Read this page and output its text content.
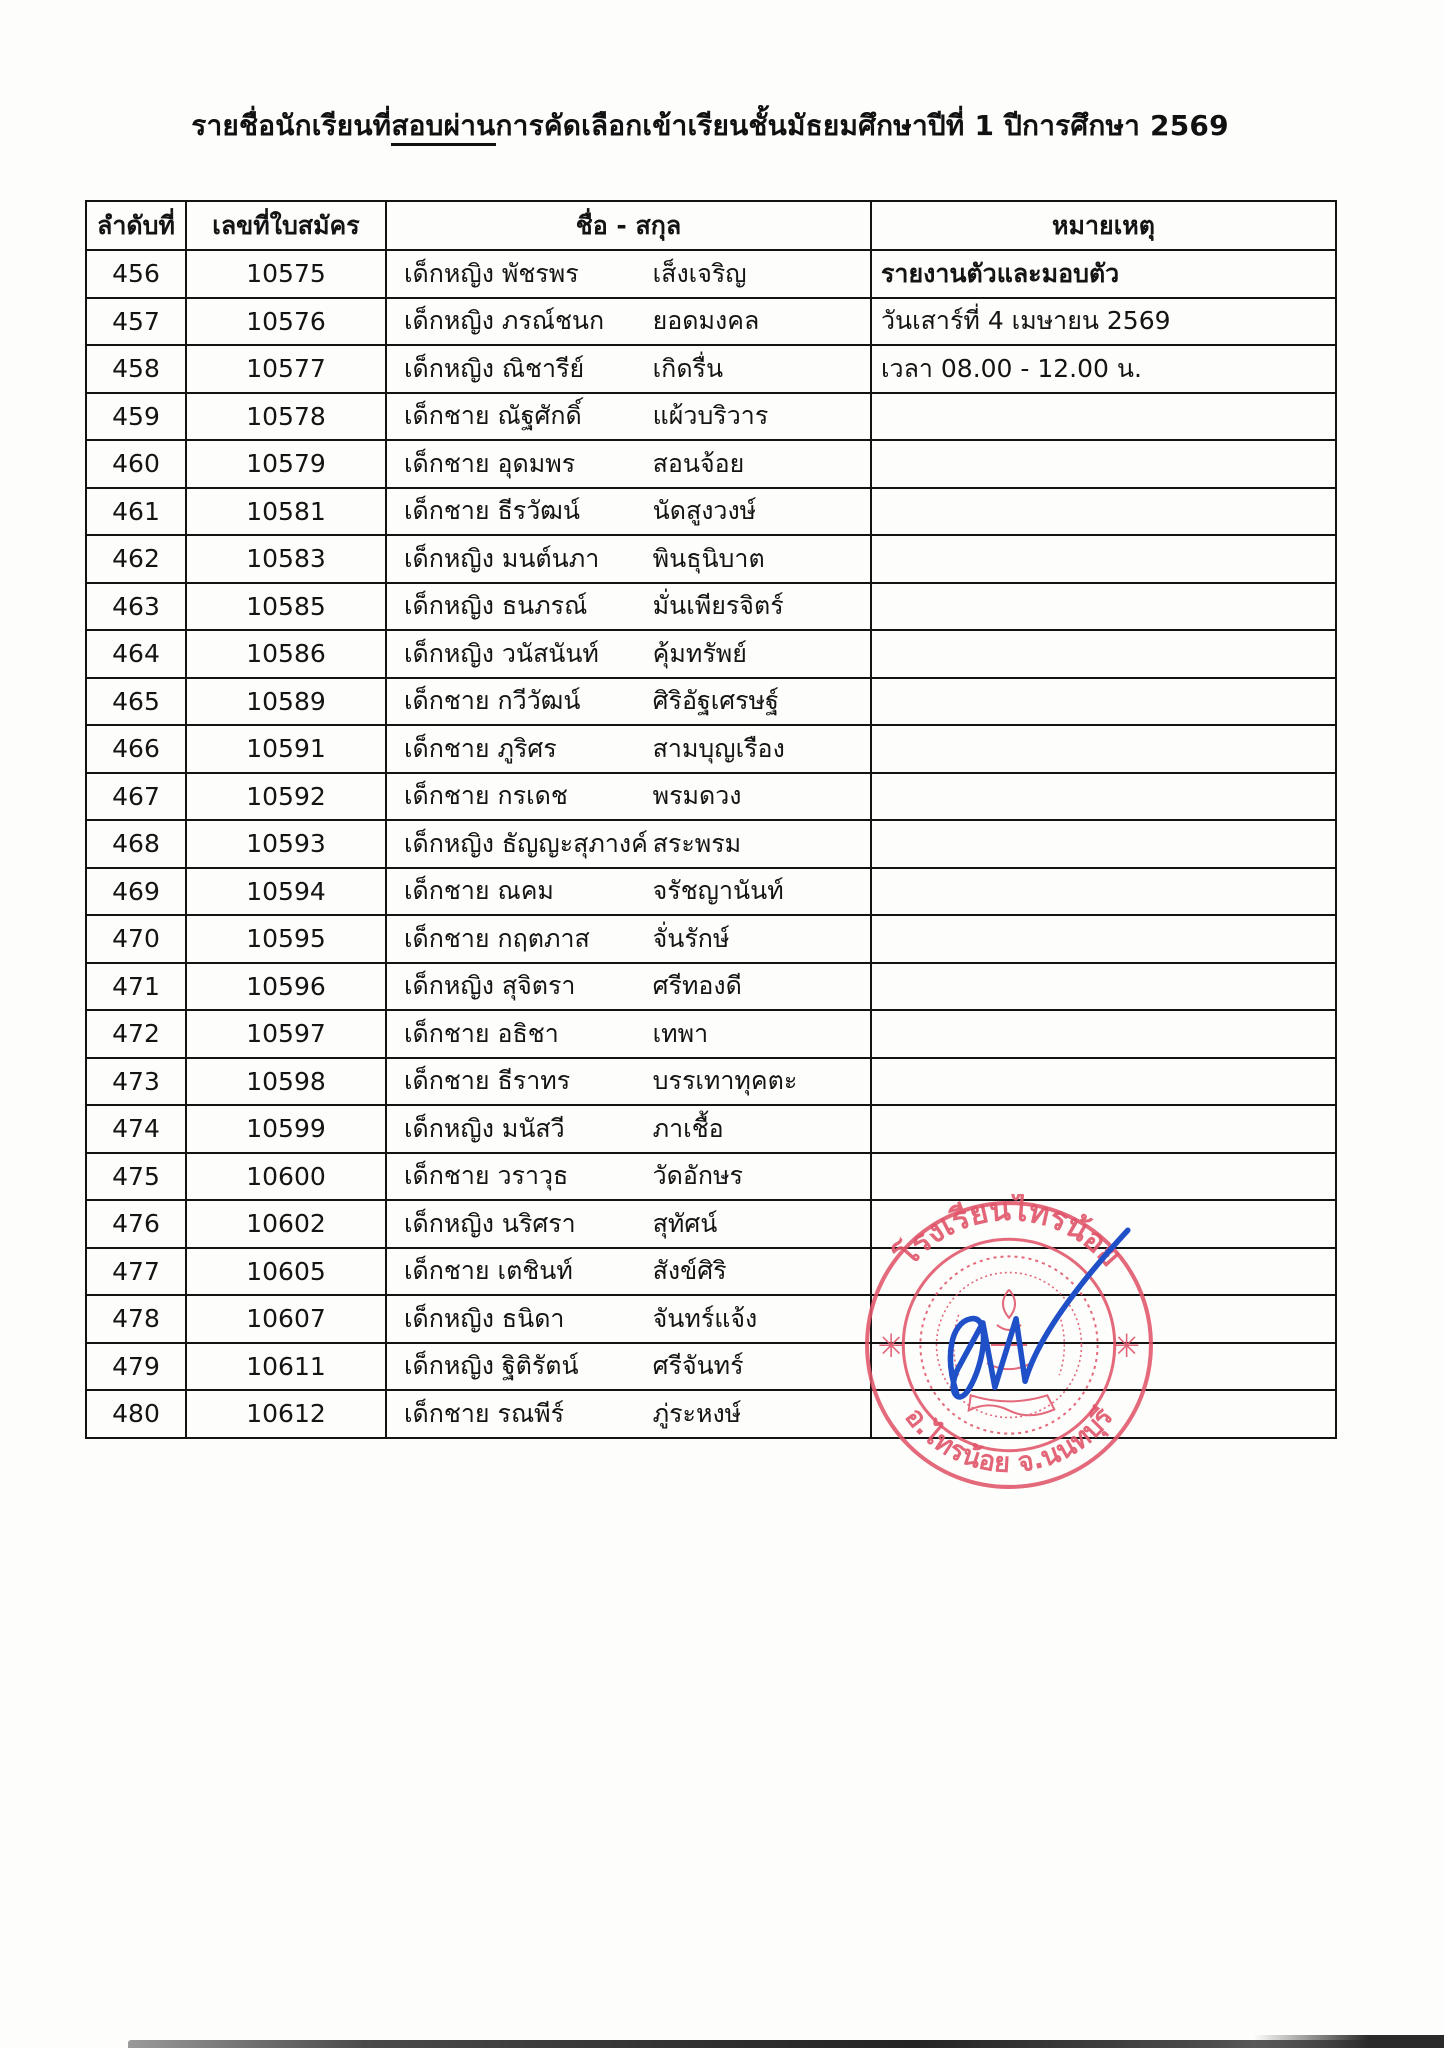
รายชื่อนักเรียนที่สอบผ่านการคัดเลือกเข้าเรียนชั้นมัธยมศึกษาปีที่ 1 ปีการศึกษา 2569
ลำดับที่	เลขที่ใบสมัคร	ชื่อ - สกุล	หมายเหตุ
456	10575	เด็กหญิง พัชรพร เส็งเจริญ	รายงานตัวและมอบตัว
457	10576	เด็กหญิง ภรณ์ชนก ยอดมงคล	วันเสาร์ที่ 4 เมษายน 2569
458	10577	เด็กหญิง ณิชารีย์ เกิดรื่น	เวลา 08.00 - 12.00 น.
459	10578	เด็กชาย ณัฐศักดิ์ แผ้วบริวาร	
460	10579	เด็กชาย อุดมพร สอนจ้อย	
461	10581	เด็กชาย ธีรวัฒน์ นัดสูงวงษ์	
462	10583	เด็กหญิง มนต์นภา พินธุนิบาต	
463	10585	เด็กหญิง ธนภรณ์ มั่นเพียรจิตร์	
464	10586	เด็กหญิง วนัสนันท์ คุ้มทรัพย์	
465	10589	เด็กชาย กวีวัฒน์ ศิริอัฐเศรษฐ์	
466	10591	เด็กชาย ภูริศร สามบุญเรือง	
467	10592	เด็กชาย กรเดช พรมดวง	
468	10593	เด็กหญิง ธัญญะสุภางค์ สระพรม	
469	10594	เด็กชาย ณคม จรัชญานันท์	
470	10595	เด็กชาย กฤตภาส จั่นรักษ์	
471	10596	เด็กหญิง สุจิตรา ศรีทองดี	
472	10597	เด็กชาย อธิชา เทพา	
473	10598	เด็กชาย ธีราทร บรรเทาทุคตะ	
474	10599	เด็กหญิง มนัสวี ภาเชื้อ	
475	10600	เด็กชาย วราวุธ วัดอักษร	
476	10602	เด็กหญิง นริศรา สุทัศน์	
477	10605	เด็กชาย เตชินท์ สังข์ศิริ	
478	10607	เด็กหญิง ธนิดา จันทร์แจ้ง	
479	10611	เด็กหญิง ฐิติรัตน์ ศรีจันทร์	
480	10612	เด็กชาย รณพีร์ ภู่ระหงษ์	
โรงเรียนไทรน้อย
อ.ไทรน้อย จ.นนทบุรี
✳	✳
